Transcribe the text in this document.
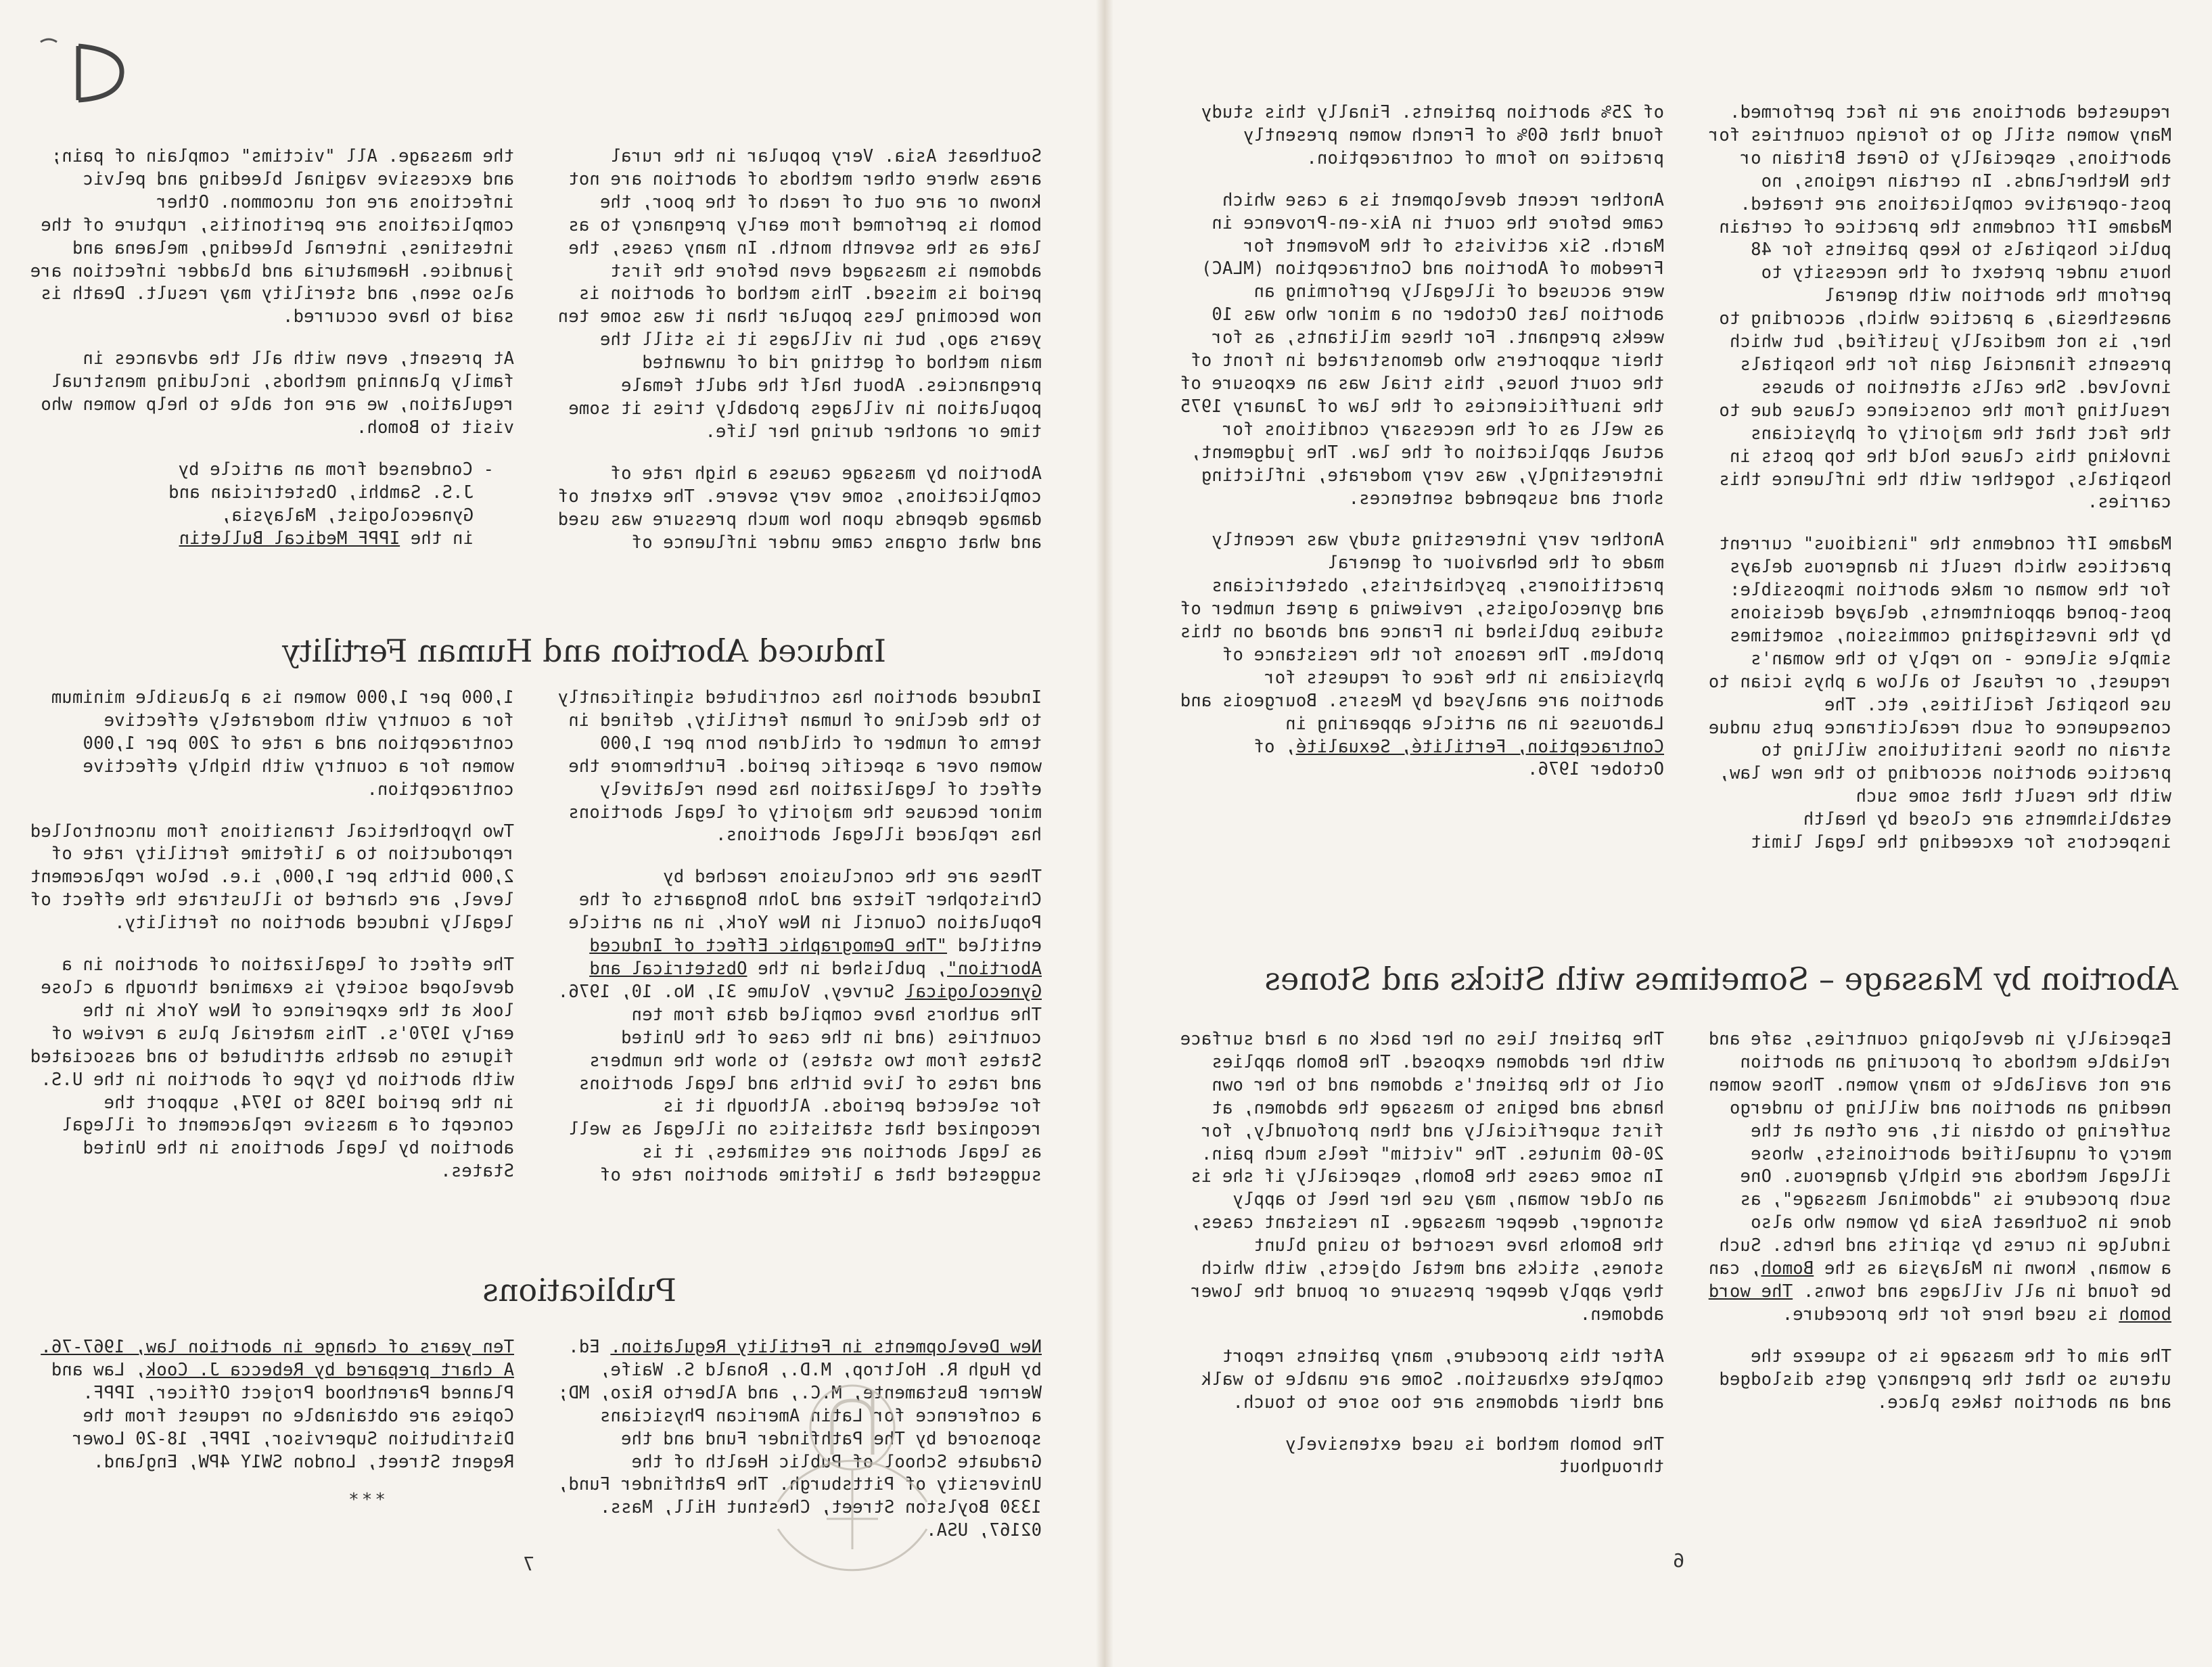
requested abortions are in fact performed. Many women still go to foreign countries for abortions, especially to Great Britain or the Netherlands. In certain regions, no post-operative complications are treated. Madame Iff condemns the practice of certain public hospitals to keep patients for 48 hours under pretext of the necessity to perform the abortion with general anaesthesia, a practice which, according to her, is not medically justified, but which presents financial gain for the hospitals involved. She calls attention to abuses resulting from the conscience clause due to the fact that the majority of physicians invoking this clause hold the top posts in hospitals, together with the influence this carries.

Madame Iff condemns the "insidious" current practices which result in dangerous delays for the woman or make abortion impossible: post-poned appointments, delayed decisions by the investigating commission, sometimes simple silence - no reply to the woman's request, or refusal to allow a phys ician to use hospital facilities, etc. The consequence of such recalcitrance puts undue strain on those institutions willing to practice abortion according to the new law, with the result that some such establishments are closed by health inspectors for exceeding the legal limit

of 25% abortion patients. Finally this study found that 60% of French women presently practice no form of contraception.

Another recent development is a case which came before the court in Aix-en-Provence in March. Six activists of the Movement for Freedom of Abortion and Contraception (MLAC) were accused of illegally performing an abortion last October on a minor who was 10 weeks pregnant. For these militants, as for their supporters who demonstrated in front of the court house, this trial was an exposure of the insufficiencies of the law of January 1975 as well as of the necessary conditions for actual application of the law. The judgement, interestingly, was very moderate, inflicting short and suspended sentences.

Another very interesting study was recently made of the behaviour of general practitioners, psychiatrists, obstetricians and gynecologists, reviewing a great number of studies published in France and abroad on this problem. The reasons for the resistance of physicians in the face of requests for abortion are analysed by Messrs. Bourgeois and Labrousse in an article appearing in Contraception, Fertilité, Sexualité, of October 1976.

Abortion by Massage – Sometimes with Sticks and Stones

Especially in developing countries, safe and reliable methods of procuring an abortion are not available to many women. Those women needing an abortion and willing to undergo suffering to obtain it, are often at the mercy of unqualified abortionists, whose illegal methods are highly dangerous. One such procedure is "abdominal massage", as done in Southeast Asia by women who also indulge in cures by spirits and herbs. Such a woman, known in Malaysia as the Bomoh, can be found in all villages and towns. The word bomoh is used here for the procedure.

The aim of the massage is to squeeze the uterus so that the pregnancy gets dislodged and an abortion takes place.

The patient lies on her back on a hard surface with her abdomen exposed. The Bomoh applies oil to the patient's abdomen and to her own hands and begins to massage the abdomen, at first superficially and then profoundly, for 20-60 minutes. The "victim" feels much pain. In some cases the Bomoh, especially if she is an older woman, may use her heel to apply stronger, deeper massage. In resistant cases, the Bomohs have resorted to using blunt stones, sticks and metal objects, with which they apply deeper pressure or pound the lower abdomen.

After this procedure, many patients report complete exhaustion. Some are unable to walk and their abdomens are too sore to touch.

The bomoh method is used extensively throughout

6

Southeast Asia. Very popular in the rural areas where other methods of abortion are not known or are out of reach of the poor, the bomoh is performed from early pregnancy to as late as the seventh month. In many cases, the abdomen is massaged even before the first period is missed. This method of abortion is now becoming less popular than it was some ten years ago, but in villages it is still the main method of getting rid of unwanted pregnancies. About half the adult female population in villages probably tries it some time or another during her life.

Abortion by massage causes a high rate of complications, some very severe. The extent of damage depends upon how much pressure was used and what organs came under influence of

the massage. All "victims" complain of pain; and excessive vaginal bleeding and pelvic infections are not uncommon. Other complications are peritonitis, rupture of the intestines, internal bleeding, melaena and jaundice. Haematuria and bladder infection are also seen, and sterility may result. Death is said to have occurred.

At present, even with all the advances in family planning methods, including menstrual regulation, we are not able to help women who visit to Bomoh.

- Condensed from an article by
J.S. Sambhi, Obstetrician and
Gynaecologist, Malaysia,
in the IPPF Medical Bulletin
Induced Abortion and Human Fertility

Induced abortion has contributed significantly to the decline of human fertility, defined in terms of number of children born per 1,000 women over a specific period. Furthermore the effect of legalization has been relatively minor because the majority of legal abortions has replaced illegal abortions.

These are the conclusions reached by Christopher Tietze and John Bongaarts of the Population Council in New York, in an article entitled "The Demographic Effect of Induced Abortion", published in the Obstetrical and Gynecological Survey, Volume 31, No. 10, 1976. The authors have compiled data from ten countries (and in the case of the United States from two states) to show the numbers and rates of live births and legal abortions for selected periods. Although it is recognized that statistics on illegal as well as legal abortion are estimates, it is suggested that a lifetime abortion rate of

1,000 per 1,000 women is a plausible minimum for a country with moderately effective contraception and a rate of 200 per 1,000 women for a country with highly effective contraception.

Two hypothetical transitions from uncontrolled reproduction to a lifetime fertility rate of 2,000 births per 1,000, i.e. below replacement level, are charted to illustrate the effect of legally induced abortion on fertility.

The effect of legalization of abortion in a developed society is examined through a close look at the experience of New York in the early 1970's. This material plus a review of figures on deaths attributed to and associated with abortion by type of abortion in the U.S. in the period 1958 to 1974, support the concept of a massive replacement of illegal abortion by legal abortions in the United States.

Publications

New Developments in Fertility Regulation. Ed. by Hugh R. Holtrop, M.D., Ronald S. Waife, Werner Bustamente, M.C., and Alberto Rizo, MD; a conference for Latin American Physicians sponsored by The Pathfinder Fund and the Graduate School of Public Health of the University of Pittsburgh. The Pathfinder Fund, 1330 Boylston Street, Chestnut Hill, Mass. 02167, USA.

Ten years of change in abortion law, 1967-76. A chart prepared by Rebecca J. Cook, Law and Planned Parenthood Project Officer, IPPF. Copies are obtainable on request from the Distribution Supervisor, IPPF, 18-20 Lower Regent Street, London SW1Y 4PW, England.

***
7
